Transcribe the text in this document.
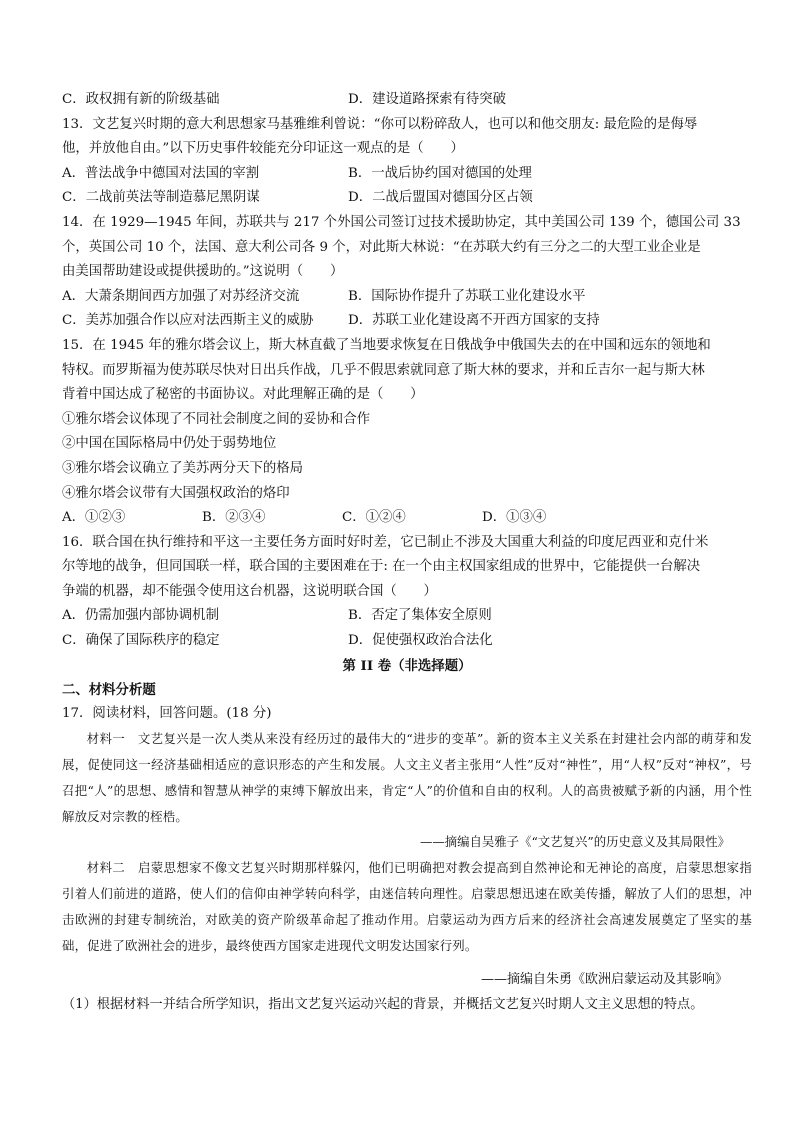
C．政权拥有新的阶级基础	D．建设道路探索有待突破
13．文艺复兴时期的意大利思想家马基雅维利曾说：“你可以粉碎敌人，也可以和他交朋友: 最危险的是侮辱
他，并放他自由。”以下历史事件较能充分印证这一观点的是（　　）
A．普法战争中德国对法国的宰割	B．一战后协约国对德国的处理
C．二战前英法等制造慕尼黑阴谋	D．二战后盟国对德国分区占领
14．在 1929—1945 年间，苏联共与 217 个外国公司签订过技术援助协定，其中美国公司 139 个，德国公司 33
个，英国公司 10 个，法国、意大利公司各 9 个，对此斯大林说：“在苏联大约有三分之二的大型工业企业是
由美国帮助建设或提供援助的。”这说明（　　）
A．大萧条期间西方加强了对苏经济交流	B．国际协作提升了苏联工业化建设水平
C．美苏加强合作以应对法西斯主义的威胁	D．苏联工业化建设离不开西方国家的支持
15．在 1945 年的雅尔塔会议上，斯大林直截了当地要求恢复在日俄战争中俄国失去的在中国和远东的领地和
特权。而罗斯福为使苏联尽快对日出兵作战，几乎不假思索就同意了斯大林的要求，并和丘吉尔一起与斯大林
背着中国达成了秘密的书面协议。对此理解正确的是（　　）
①雅尔塔会议体现了不同社会制度之间的妥协和合作
②中国在国际格局中仍处于弱势地位
③雅尔塔会议确立了美苏两分天下的格局
④雅尔塔会议带有大国强权政治的烙印
A．①②③	B．②③④	C．①②④	D．①③④
16．联合国在执行维持和平这一主要任务方面时好时差，它已制止不涉及大国重大利益的印度尼西亚和克什米
尔等地的战争，但同国联一样，联合国的主要困难在于: 在一个由主权国家组成的世界中，它能提供一台解决
争端的机器，却不能强令使用这台机器，这说明联合国（　　）
A．仍需加强内部协调机制	B．否定了集体安全原则
C．确保了国际秩序的稳定	D．促使强权政治合法化
第 II 卷（非选择题）
二、材料分析题
17．阅读材料，回答问题。(18 分)
材料一　文艺复兴是一次人类从来没有经历过的最伟大的“进步的变革”。新的资本主义关系在封建社会内部的萌芽和发展，促使同这一经济基础相适应的意识形态的产生和发展。人文主义者主张用“人性”反对“神性”，用“人权”反对“神权”，号召把“人”的思想、感情和智慧从神学的束缚下解放出来，肯定“人”的价值和自由的权利。人的高贵被赋予新的内涵，用个性解放反对宗教的桎梏。
——摘编自吴雅子《“文艺复兴”的历史意义及其局限性》
材料二　启蒙思想家不像文艺复兴时期那样躲闪，他们已明确把对教会提高到自然神论和无神论的高度，启蒙思想家指引着人们前进的道路，使人们的信仰由神学转向科学，由迷信转向理性。启蒙思想迅速在欧美传播，解放了人们的思想，冲击欧洲的封建专制统治，对欧美的资产阶级革命起了推动作用。启蒙运动为西方后来的经济社会高速发展奠定了坚实的基础，促进了欧洲社会的进步，最终使西方国家走进现代文明发达国家行列。
——摘编自朱勇《欧洲启蒙运动及其影响》
（1）根据材料一并结合所学知识，指出文艺复兴运动兴起的背景，并概括文艺复兴时期人文主义思想的特点。
